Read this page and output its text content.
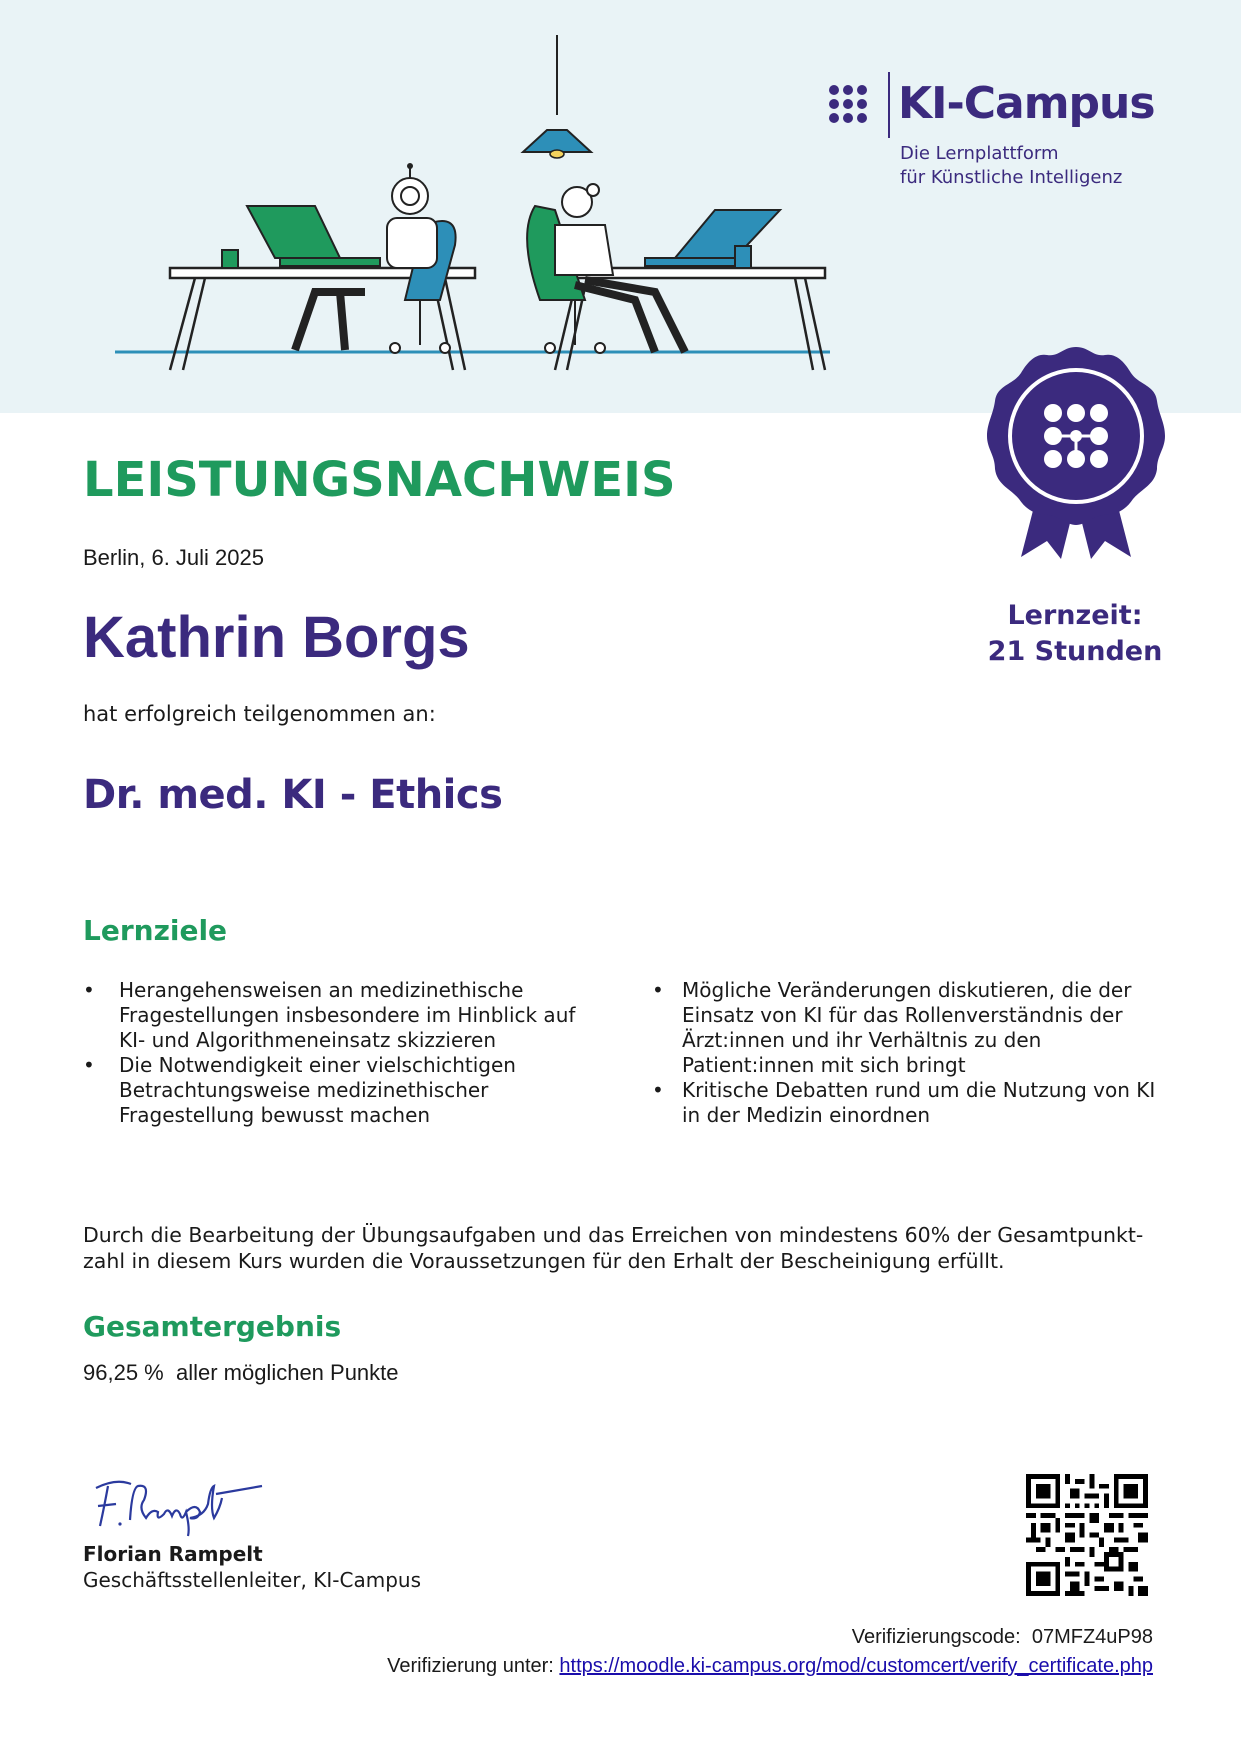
KI-Campus
Die Lernplattform
für Künstliche Intelligenz
LEISTUNGSNACHWEIS
Berlin, 6. Juli 2025
Kathrin Borgs	Lernzeit:
21 Stunden
hat erfolgreich teilgenommen an:
Dr. med. KI - Ethics
Lernziele
• Herangehensweisen an medizinethische Fragestellungen insbesondere im Hinblick auf KI- und Algorithmeneinsatz skizzieren
• Die Notwendigkeit einer vielschichtigen Betrachtungsweise medizinethischer Fragestellung bewusst machen
• Mögliche Veränderungen diskutieren, die der Einsatz von KI für das Rollenverständnis der Ärzt:innen und ihr Verhältnis zu den Patient:innen mit sich bringt
• Kritische Debatten rund um die Nutzung von KI in der Medizin einordnen
Durch die Bearbeitung der Übungsaufgaben und das Erreichen von mindestens 60% der Gesamtpunkt-zahl in diesem Kurs wurden die Voraussetzungen für den Erhalt der Bescheinigung erfüllt.
Gesamtergebnis
96,25 %  aller möglichen Punkte
Florian Rampelt
Geschäftsstellenleiter, KI-Campus
Verifizierungscode:  07MFZ4uP98
Verifizierung unter: https://moodle.ki-campus.org/mod/customcert/verify_certificate.php
